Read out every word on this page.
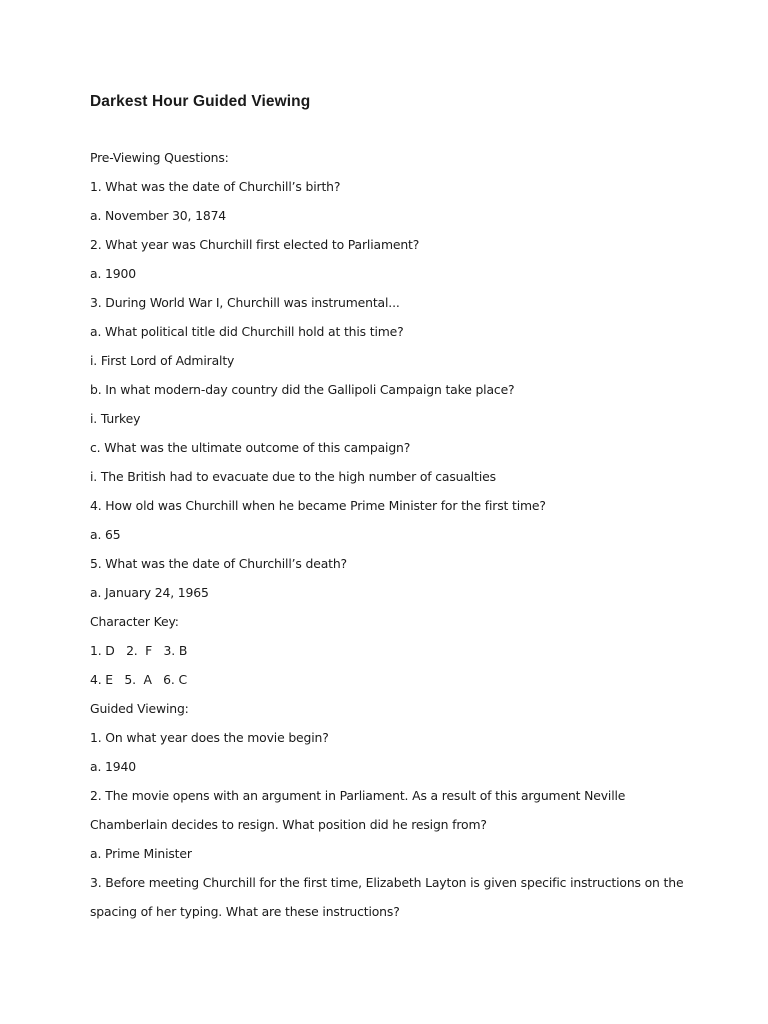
Darkest Hour Guided Viewing
Pre-Viewing Questions:
1. What was the date of Churchill’s birth?
a. November 30, 1874
2. What year was Churchill first elected to Parliament?
a. 1900
3. During World War I, Churchill was instrumental...
a. What political title did Churchill hold at this time?
i. First Lord of Admiralty
b. In what modern-day country did the Gallipoli Campaign take place?
i. Turkey
c. What was the ultimate outcome of this campaign?
i. The British had to evacuate due to the high number of casualties
4. How old was Churchill when he became Prime Minister for the first time?
a. 65
5. What was the date of Churchill’s death?
a. January 24, 1965
Character Key:
1. D   2.  F   3. B
4. E   5.  A   6. C
Guided Viewing:
1. On what year does the movie begin?
a. 1940
2. The movie opens with an argument in Parliament. As a result of this argument Neville
Chamberlain decides to resign. What position did he resign from?
a. Prime Minister
3. Before meeting Churchill for the first time, Elizabeth Layton is given specific instructions on the
spacing of her typing. What are these instructions?
